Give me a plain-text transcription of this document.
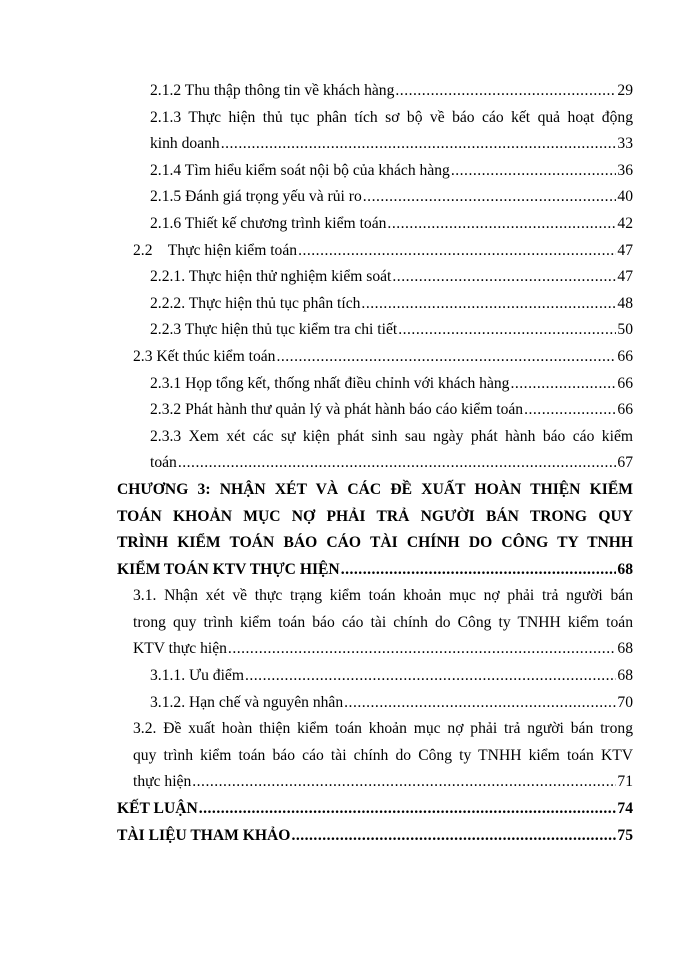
2.1.2 Thu thập thông tin về khách hàng .....	29
2.1.3 Thực hiện thủ tục phân tích sơ bộ về báo cáo kết quả hoạt động
kinh doanh .....	33
2.1.4 Tìm hiểu kiểm soát nội bộ của khách hàng .....	36
2.1.5 Đánh giá trọng yếu và rủi ro .....	40
2.1.6 Thiết kế chương trình kiểm toán .....	42
2.2    Thực hiện kiểm toán .....	47
2.2.1. Thực hiện thử nghiệm kiểm soát .....	47
2.2.2. Thực hiện thủ tục phân tích .....	48
2.2.3 Thực hiện thủ tục kiểm tra chi tiết .....	50
2.3 Kết thúc kiểm toán .....	66
2.3.1 Họp tổng kết, thống nhất điều chỉnh với khách hàng .....	66
2.3.2 Phát hành thư quản lý và phát hành báo cáo kiểm toán .....	66
2.3.3 Xem xét các sự kiện phát sinh sau ngày phát hành báo cáo kiểm
toán .....	67
CHƯƠNG 3: NHẬN XÉT VÀ CÁC ĐỀ XUẤT HOÀN THIỆN KIỂM
TOÁN KHOẢN MỤC NỢ PHẢI TRẢ NGƯỜI BÁN TRONG QUY
TRÌNH KIỂM TOÁN BÁO CÁO TÀI CHÍNH DO CÔNG TY TNHH
KIỂM TOÁN KTV THỰC HIỆN .....	68
3.1. Nhận xét về thực trạng kiểm toán khoản mục nợ phải trả người bán
trong quy trình kiểm toán báo cáo tài chính do Công ty TNHH kiểm toán
KTV thực hiện .....	68
3.1.1. Ưu điểm .....	68
3.1.2. Hạn chế và nguyên nhân .....	70
3.2. Đề xuất hoàn thiện kiểm toán khoản mục nợ phải trả người bán trong
quy trình kiểm toán báo cáo tài chính do Công ty TNHH kiểm toán KTV
thực hiện .....	71
KẾT LUẬN .....	74
TÀI LIỆU THAM KHẢO .....	75
